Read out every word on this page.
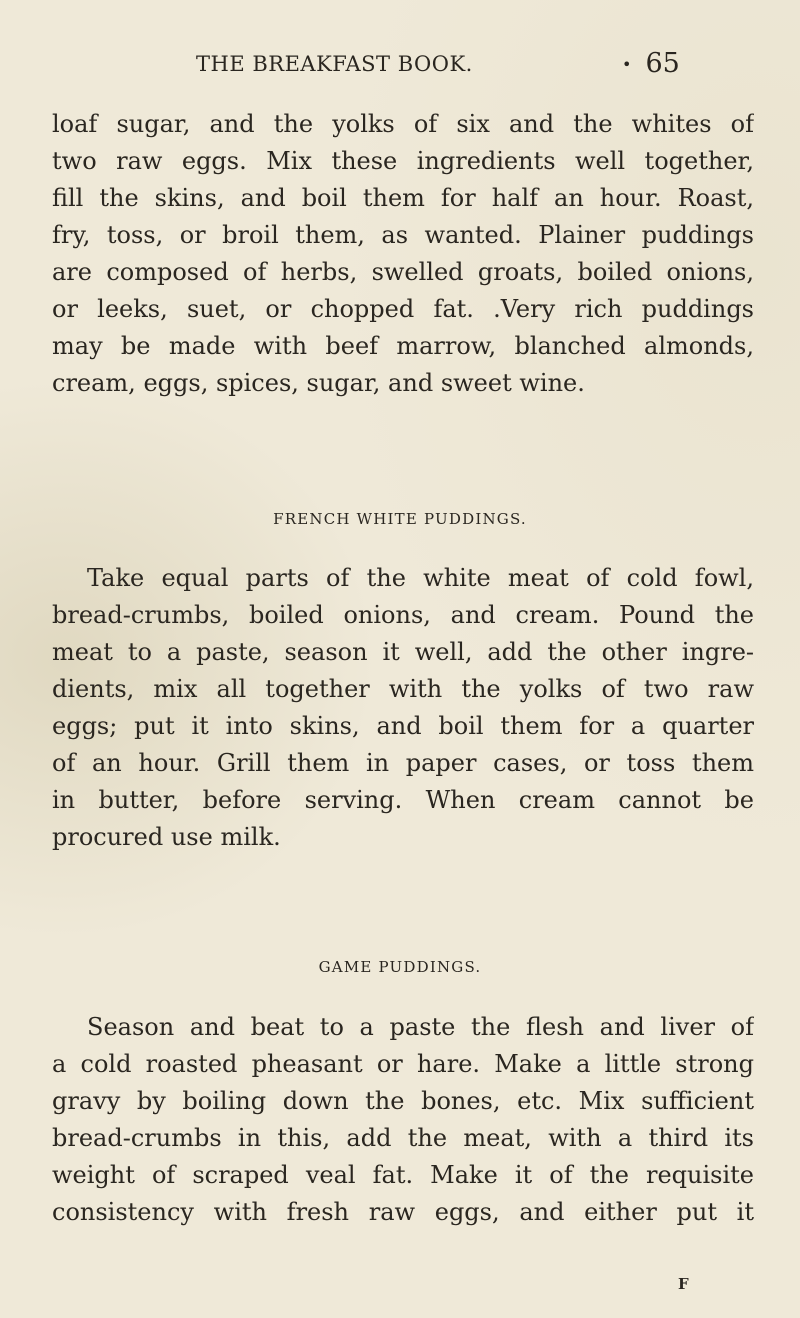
THE BREAKFAST BOOK.	• 65
loaf sugar, and the yolks of six and the whites of
two raw eggs. Mix these ingredients well together,
fill the skins, and boil them for half an hour. Roast,
fry, toss, or broil them, as wanted. Plainer puddings
are composed of herbs, swelled groats, boiled onions,
or leeks, suet, or chopped fat. .Very rich puddings
may be made with beef marrow, blanched almonds,
cream, eggs, spices, sugar, and sweet wine.
FRENCH WHITE PUDDINGS.
Take equal parts of the white meat of cold fowl,
bread-crumbs, boiled onions, and cream. Pound the
meat to a paste, season it well, add the other ingre-
dients, mix all together with the yolks of two raw
eggs; put it into skins, and boil them for a quarter
of an hour. Grill them in paper cases, or toss them
in butter, before serving. When cream cannot be
procured use milk.
GAME PUDDINGS.
Season and beat to a paste the flesh and liver of
a cold roasted pheasant or hare. Make a little strong
gravy by boiling down the bones, etc. Mix sufficient
bread-crumbs in this, add the meat, with a third its
weight of scraped veal fat. Make it of the requisite
consistency with fresh raw eggs, and either put it
F
